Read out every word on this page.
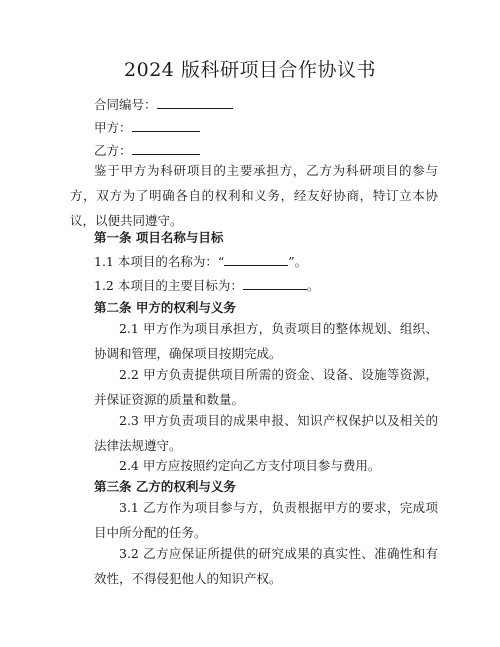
2024 版科研项目合作协议书
合同编号：
甲方：
乙方：
鉴于甲方为科研项目的主要承担方，乙方为科研项目的参与方，双方为了明确各自的权利和义务，经友好协商，特订立本协议，以便共同遵守。
第一条 项目名称与目标
1.1 本项目的名称为：“	”。
1.2 本项目的主要目标为：	。
第二条 甲方的权利与义务
2.1 甲方作为项目承担方，负责项目的整体规划、组织、协调和管理，确保项目按期完成。
2.2 甲方负责提供项目所需的资金、设备、设施等资源，并保证资源的质量和数量。
2.3 甲方负责项目的成果申报、知识产权保护以及相关的法律法规遵守。
2.4 甲方应按照约定向乙方支付项目参与费用。
第三条 乙方的权利与义务
3.1 乙方作为项目参与方，负责根据甲方的要求，完成项目中所分配的任务。
3.2 乙方应保证所提供的研究成果的真实性、准确性和有效性，不得侵犯他人的知识产权。
